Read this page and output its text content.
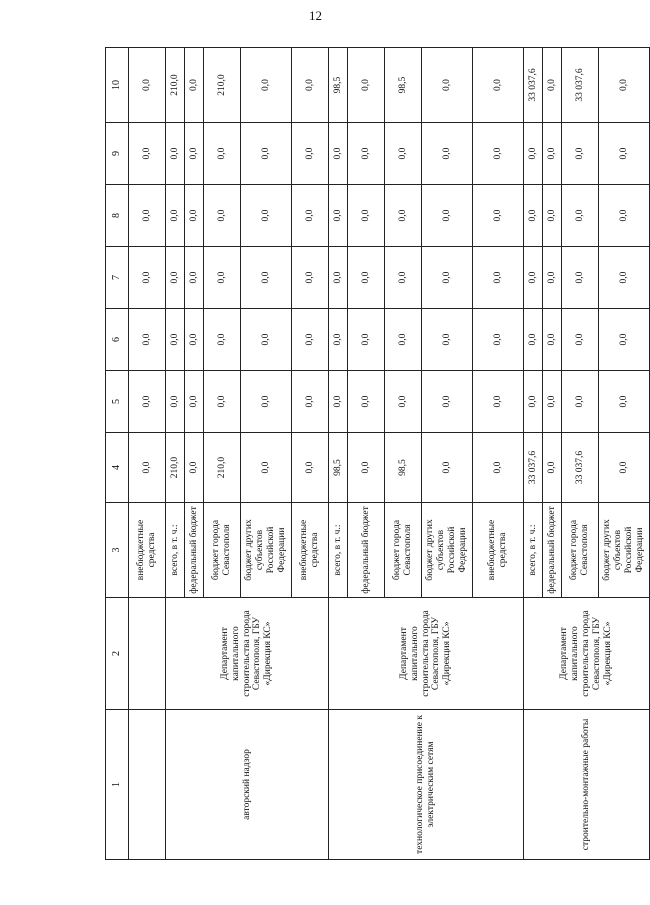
12
1	2	3	4	5	6	7	8	9	10
		внебюджетные средства	0,0	0,0	0,0	0,0	0,0	0,0	0,0
авторский надзор	Департамент капитального строительства города Севастополя, ГБУ «Дирекция КС»	всего, в т. ч.:	210,0	0,0	0,0	0,0	0,0	0,0	210,0
		федеральный бюджет	0,0	0,0	0,0	0,0	0,0	0,0	0,0
		бюджет города Севастополя	210,0	0,0	0,0	0,0	0,0	0,0	210,0
		бюджет других субъектов Российской Федерации	0,0	0,0	0,0	0,0	0,0	0,0	0,0
		внебюджетные средства	0,0	0,0	0,0	0,0	0,0	0,0	0,0
технологическое присоединение к электрическим сетям	Департамент капитального строительства города Севастополя, ГБУ «Дирекция КС»	всего, в т. ч.:	98,5	0,0	0,0	0,0	0,0	0,0	98,5
		федеральный бюджет	0,0	0,0	0,0	0,0	0,0	0,0	0,0
		бюджет города Севастополя	98,5	0,0	0,0	0,0	0,0	0,0	98,5
		бюджет других субъектов Российской Федерации	0,0	0,0	0,0	0,0	0,0	0,0	0,0
		внебюджетные средства	0,0	0,0	0,0	0,0	0,0	0,0	0,0
строительно-монтажные работы	Департамент капитального строительства города Севастополя, ГБУ «Дирекция КС»	всего, в т. ч.:	33 037,6	0,0	0,0	0,0	0,0	0,0	33 037,6
		федеральный бюджет	0,0	0,0	0,0	0,0	0,0	0,0	0,0
		бюджет города Севастополя	33 037,6	0,0	0,0	0,0	0,0	0,0	33 037,6
		бюджет других субъектов Российской Федерации	0,0	0,0	0,0	0,0	0,0	0,0	0,0
